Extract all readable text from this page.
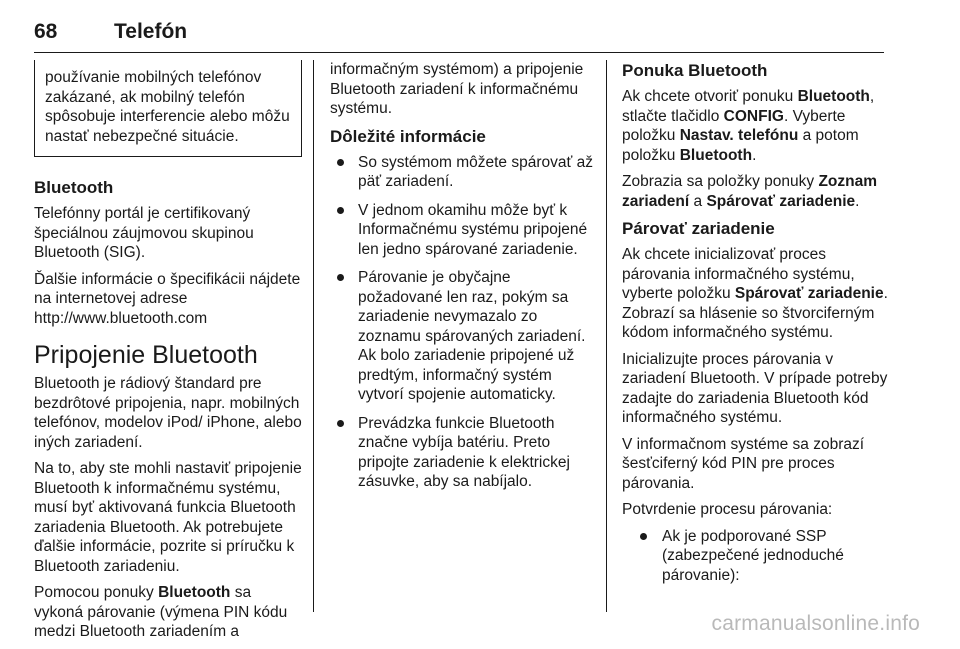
68	Telefón

používanie mobilných telefónov zakázané, ak mobilný telefón spôsobuje interferencie alebo môžu nastať nebezpečné situácie.

Bluetooth

Telefónny portál je certifikovaný špeciálnou záujmovou skupinou Bluetooth (SIG).

Ďalšie informácie o špecifikácii nájdete na internetovej adrese http://www.bluetooth.com

Pripojenie Bluetooth

Bluetooth je rádiový štandard pre bezdrôtové pripojenia, napr. mobilných telefónov, modelov iPod/ iPhone, alebo iných zariadení.

Na to, aby ste mohli nastaviť pripojenie Bluetooth k informačnému systému, musí byť aktivovaná funkcia Bluetooth zariadenia Bluetooth. Ak potrebujete ďalšie informácie, pozrite si príručku k Bluetooth zariadeniu.

Pomocou ponuky Bluetooth sa vykoná párovanie (výmena PIN kódu medzi Bluetooth zariadením a

informačným systémom) a pripojenie Bluetooth zariadení k informačnému systému.

Dôležité informácie
So systémom môžete spárovať až päť zariadení.
V jednom okamihu môže byť k Informačnému systému pripojené len jedno spárované zariadenie.
Párovanie je obyčajne požadované len raz, pokým sa zariadenie nevymazalo zo zoznamu spárovaných zariadení. Ak bolo zariadenie pripojené už predtým, informačný systém vytvorí spojenie automaticky.
Prevádzka funkcie Bluetooth značne vybíja batériu. Preto pripojte zariadenie k elektrickej zásuvke, aby sa nabíjalo.
Ponuka Bluetooth

Ak chcete otvoriť ponuku Bluetooth, stlačte tlačidlo CONFIG. Vyberte položku Nastav. telefónu a potom položku Bluetooth.

Zobrazia sa položky ponuky Zoznam zariadení a Spárovať zariadenie.

Párovať zariadenie

Ak chcete inicializovať proces párovania informačného systému, vyberte položku Spárovať zariadenie. Zobrazí sa hlásenie so štvorciferným kódom informačného systému.

Inicializujte proces párovania v zariadení Bluetooth. V prípade potreby zadajte do zariadenia Bluetooth kód informačného systému.

V informačnom systéme sa zobrazí šesťciferný kód PIN pre proces párovania.

Potvrdenie procesu párovania:

Ak je podporované SSP (zabezpečené jednoduché párovanie):
carmanualsonline.info
